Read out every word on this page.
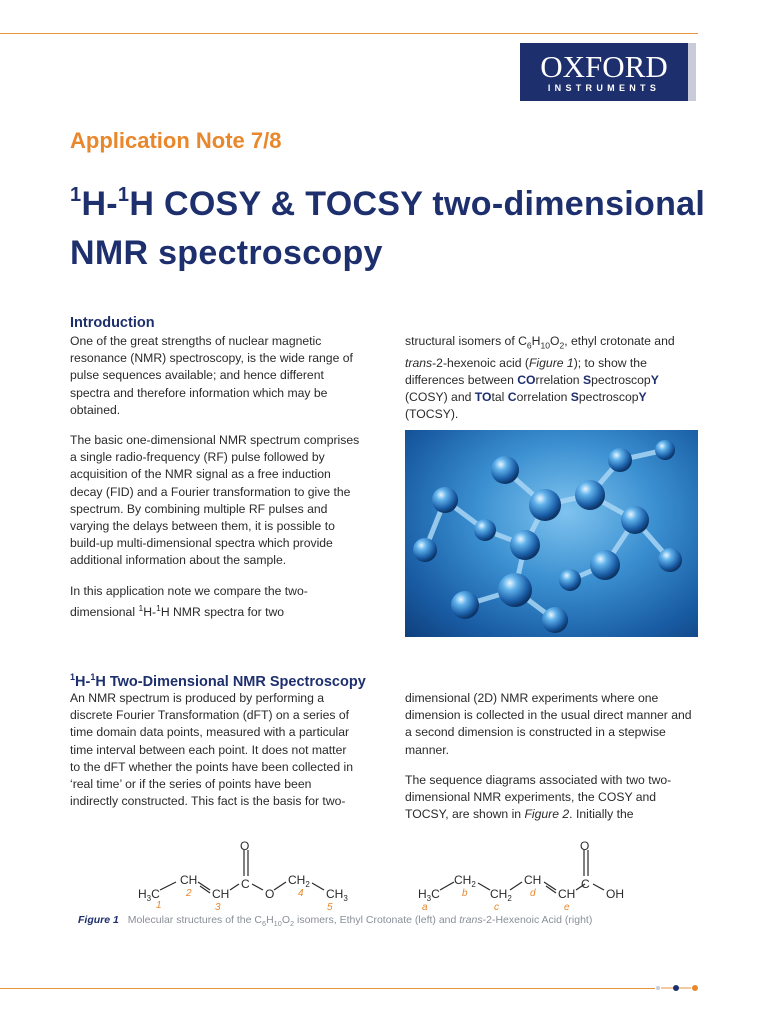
OXFORD
INSTRUMENTS
Application Note 7/8
$^1$H-$^1$H COSY & TOCSY two-dimensional NMR spectroscopy
Introduction

One of the great strengths of nuclear magnetic resonance (NMR) spectroscopy, is the wide range of pulse sequences available; and hence different spectra and therefore information which may be obtained.

The basic one-dimensional NMR spectrum comprises a single radio-frequency (RF) pulse followed by acquisition of the NMR signal as a free induction decay (FID) and a Fourier transformation to give the spectrum. By combining multiple RF pulses and varying the delays between them, it is possible to build-up multi-dimensional spectra which provide additional information about the sample.

In this application note we compare the two-dimensional $^1$H-$^1$H NMR spectra for two

structural isomers of $C_6H_{10}O_2$, ethyl crotonate and trans-2-hexenoic acid (Figure 1); to show the differences between COrrelation SpectroscopY (COSY) and TOtal Correlation SpectroscopY (TOCSY).

$^1$H-$^1$H Two-Dimensional NMR Spectroscopy

An NMR spectrum is produced by performing a discrete Fourier Transformation (dFT) on a series of time domain data points, measured with a particular time interval between each point. It does not matter to the dFT whether the points have been collected in ‘real time’ or if the series of points have been indirectly constructed. This fact is the basis for two-

dimensional (2D) NMR experiments where one dimension is collected in the usual direct manner and a second dimension is constructed in a stepwise manner.

The sequence diagrams associated with two two-dimensional NMR experiments, the COSY and TOCSY, are shown in Figure 2. Initially the

$H_3C$
CH
CH
C
O
O
$CH_2$
$CH_3$
1
2
3
4
5
$H_3C$
$CH_2$
$CH_2$
CH
CH
C
O
OH
a
b
c
d
e
Figure 1 Molecular structures of the $C_6H_{10}O_2$ isomers, Ethyl Crotonate (left) and trans-2-Hexenoic Acid (right)
